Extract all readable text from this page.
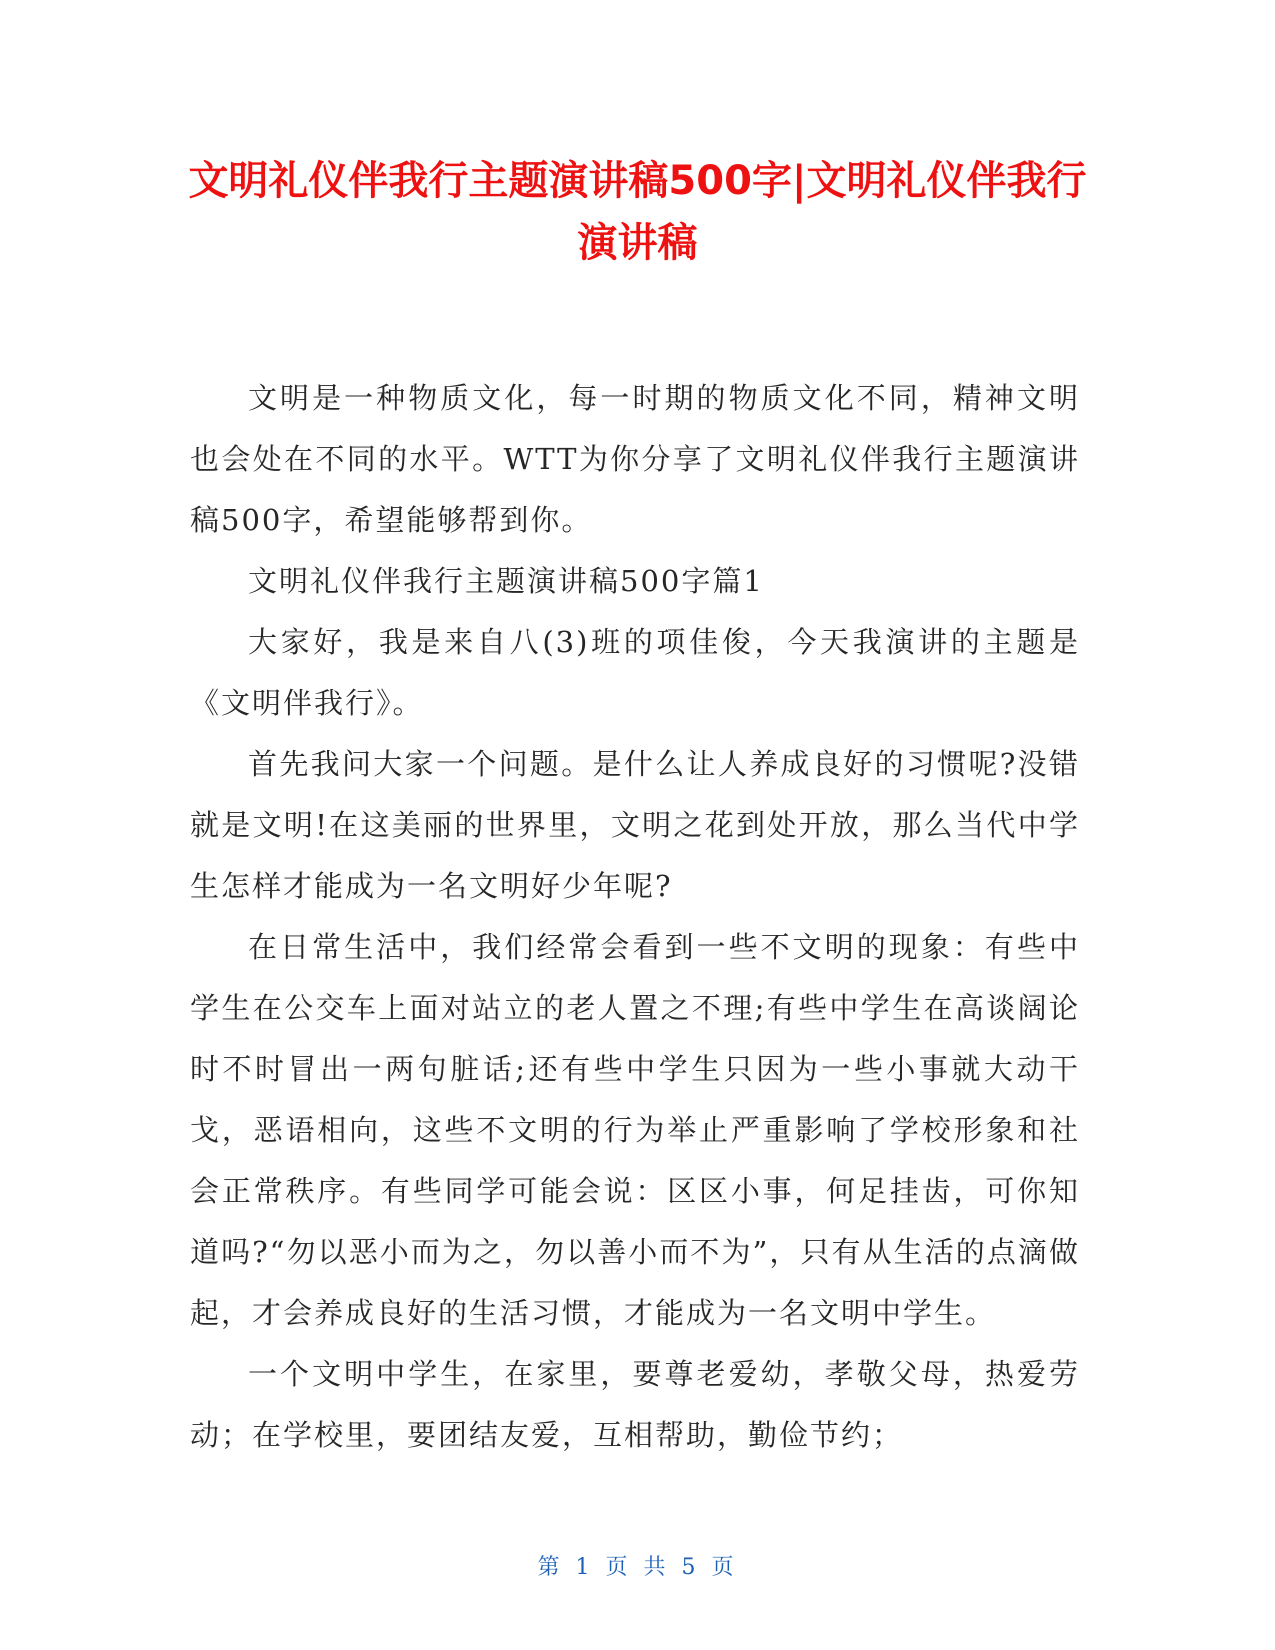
文明礼仪伴我行主题演讲稿500字|文明礼仪伴我行演讲稿

文明是一种物质文化，每一时期的物质文化不同，精神文明也会处在不同的水平。WTT为你分享了文明礼仪伴我行主题演讲稿500字，希望能够帮到你。

文明礼仪伴我行主题演讲稿500字篇1

大家好，我是来自八(3)班的项佳俊，今天我演讲的主题是《文明伴我行》。

首先我问大家一个问题。是什么让人养成良好的习惯呢?没错就是文明!在这美丽的世界里，文明之花到处开放，那么当代中学生怎样才能成为一名文明好少年呢?

在日常生活中，我们经常会看到一些不文明的现象：有些中学生在公交车上面对站立的老人置之不理;有些中学生在高谈阔论时不时冒出一两句脏话;还有些中学生只因为一些小事就大动干戈，恶语相向，这些不文明的行为举止严重影响了学校形象和社会正常秩序。有些同学可能会说：区区小事，何足挂齿，可你知道吗?“勿以恶小而为之，勿以善小而不为”，只有从生活的点滴做起，才会养成良好的生活习惯，才能成为一名文明中学生。

一个文明中学生，在家里，要尊老爱幼，孝敬父母，热爱劳动；在学校里，要团结友爱，互相帮助，勤俭节约；

第 1 页 共 5 页
